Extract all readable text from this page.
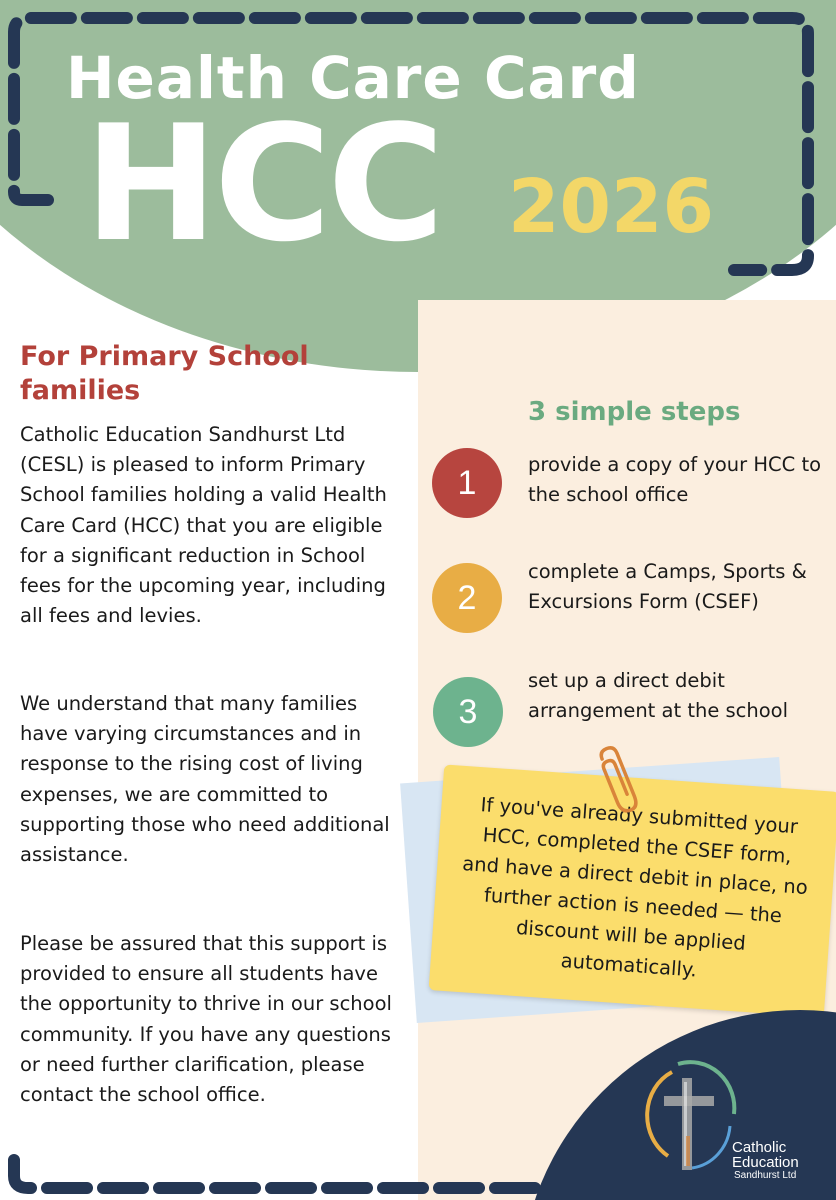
Health Care Card
HCC 2026
For Primary School families

Catholic Education Sandhurst Ltd (CESL) is pleased to inform Primary School families holding a valid Health Care Card (HCC) that you are eligible for a significant reduction in School fees for the upcoming year, including all fees and levies.

We understand that many families have varying circumstances and in response to the rising cost of living expenses, we are committed to supporting those who need additional assistance.

Please be assured that this support is provided to ensure all students have the opportunity to thrive in our school community. If you have any questions or need further clarification, please contact the school office.

3 simple steps
1	provide a copy of your HCC to the school office
2
complete a Camps, Sports & Excursions Form (CSEF)
3
set up a direct debit arrangement at the school

If you've already submitted your HCC, completed the CSEF form, and have a direct debit in place, no further action is needed — the discount will be applied automatically.

Catholic
Education
Sandhurst Ltd
